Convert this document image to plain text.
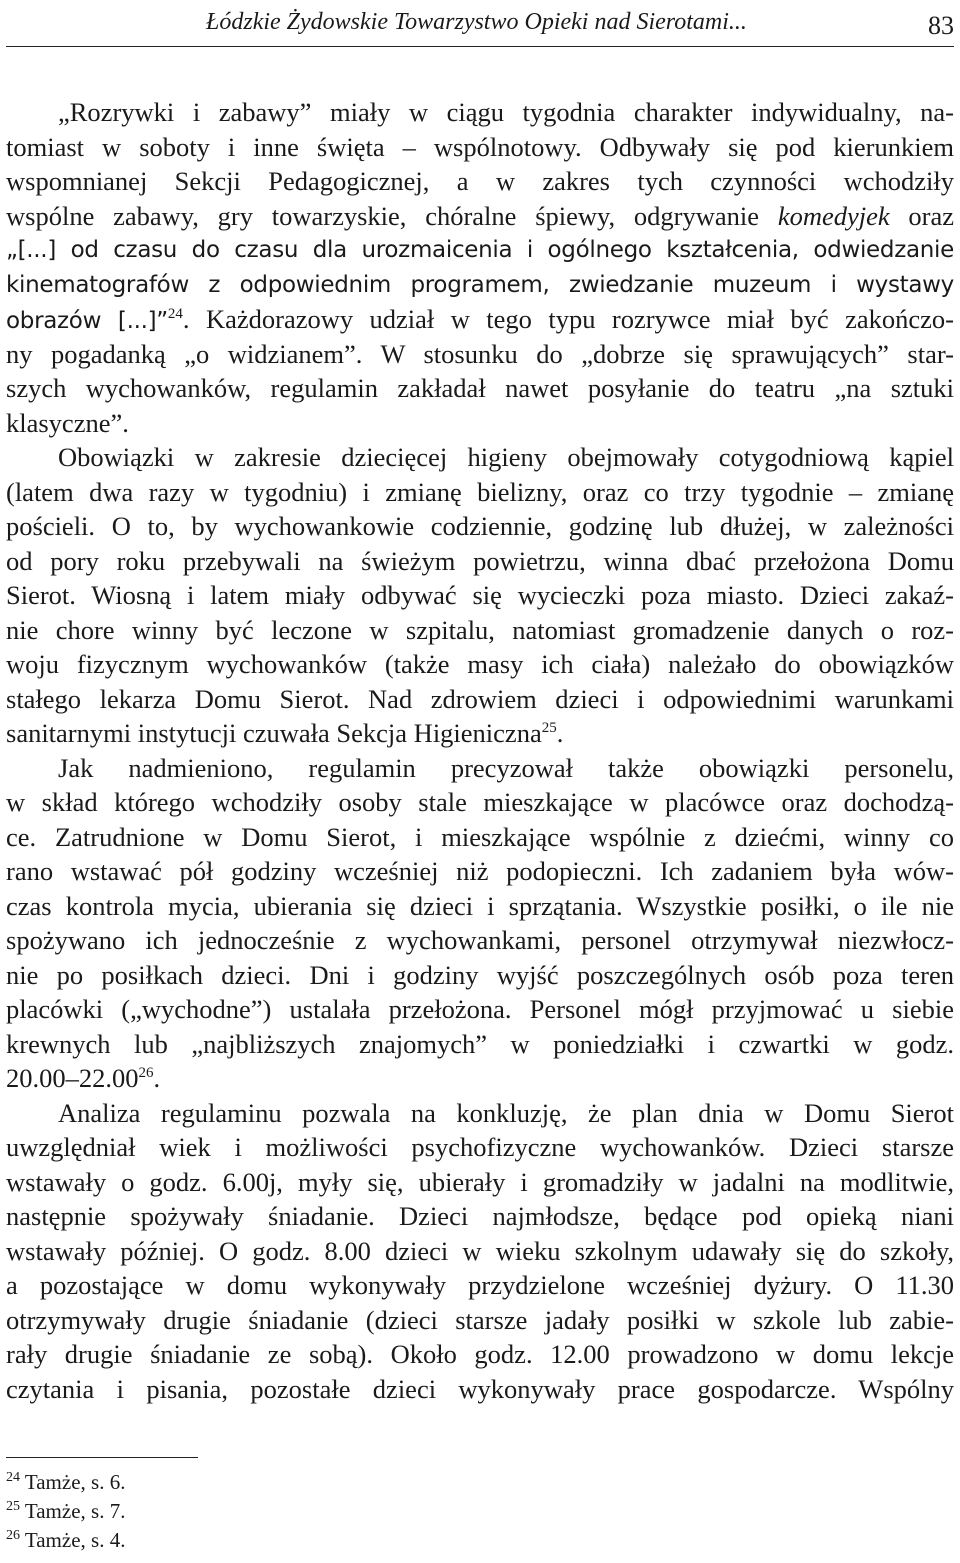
Łódzkie Żydowskie Towarzystwo Opieki nad Sierotami...	83
„Rozrywki i zabawy” miały w ciągu tygodnia charakter indywidualny, na-
tomiast w soboty i inne święta – wspólnotowy. Odbywały się pod kierunkiem
wspomnianej Sekcji Pedagogicznej, a w zakres tych czynności wchodziły
wspólne zabawy, gry towarzyskie, chóralne śpiewy, odgrywanie komedyjek oraz
„[...] od czasu do czasu dla urozmaicenia i ogólnego kształcenia, odwiedzanie
kinematografów z odpowiednim programem, zwiedzanie muzeum i wystawy
obrazów [...]”$^{24}$. Każdorazowy udział w tego typu rozrywce miał być zakończo-
ny pogadanką „o widzianem”. W stosunku do „dobrze się sprawujących” star-
szych wychowanków, regulamin zakładał nawet posyłanie do teatru „na sztuki
klasyczne”.
Obowiązki w zakresie dziecięcej higieny obejmowały cotygodniową kąpiel
(latem dwa razy w tygodniu) i zmianę bielizny, oraz co trzy tygodnie – zmianę
pościeli. O to, by wychowankowie codziennie, godzinę lub dłużej, w zależności
od pory roku przebywali na świeżym powietrzu, winna dbać przełożona Domu
Sierot. Wiosną i latem miały odbywać się wycieczki poza miasto. Dzieci zakaź-
nie chore winny być leczone w szpitalu, natomiast gromadzenie danych o roz-
woju fizycznym wychowanków (także masy ich ciała) należało do obowiązków
stałego lekarza Domu Sierot. Nad zdrowiem dzieci i odpowiednimi warunkami
sanitarnymi instytucji czuwała Sekcja Higieniczna$^{25}$.
Jak nadmieniono, regulamin precyzował także obowiązki personelu,
w skład którego wchodziły osoby stale mieszkające w placówce oraz dochodzą-
ce. Zatrudnione w Domu Sierot, i mieszkające wspólnie z dziećmi, winny co
rano wstawać pół godziny wcześniej niż podopieczni. Ich zadaniem była wów-
czas kontrola mycia, ubierania się dzieci i sprzątania. Wszystkie posiłki, o ile nie
spożywano ich jednocześnie z wychowankami, personel otrzymywał niezwłocz-
nie po posiłkach dzieci. Dni i godziny wyjść poszczególnych osób poza teren
placówki („wychodne”) ustalała przełożona. Personel mógł przyjmować u siebie
krewnych lub „najbliższych znajomych” w poniedziałki i czwartki w godz.
20.00–22.00$^{26}$.
Analiza regulaminu pozwala na konkluzję, że plan dnia w Domu Sierot
uwzględniał wiek i możliwości psychofizyczne wychowanków. Dzieci starsze
wstawały o godz. 6.00j, myły się, ubierały i gromadziły w jadalni na modlitwie,
następnie spożywały śniadanie. Dzieci najmłodsze, będące pod opieką niani
wstawały później. O godz. 8.00 dzieci w wieku szkolnym udawały się do szkoły,
a pozostające w domu wykonywały przydzielone wcześniej dyżury. O 11.30
otrzymywały drugie śniadanie (dzieci starsze jadały posiłki w szkole lub zabie-
rały drugie śniadanie ze sobą). Około godz. 12.00 prowadzono w domu lekcje
czytania i pisania, pozostałe dzieci wykonywały prace gospodarcze. Wspólny
$^{24}$ Tamże, s. 6.
$^{25}$ Tamże, s. 7.
$^{26}$ Tamże, s. 4.
